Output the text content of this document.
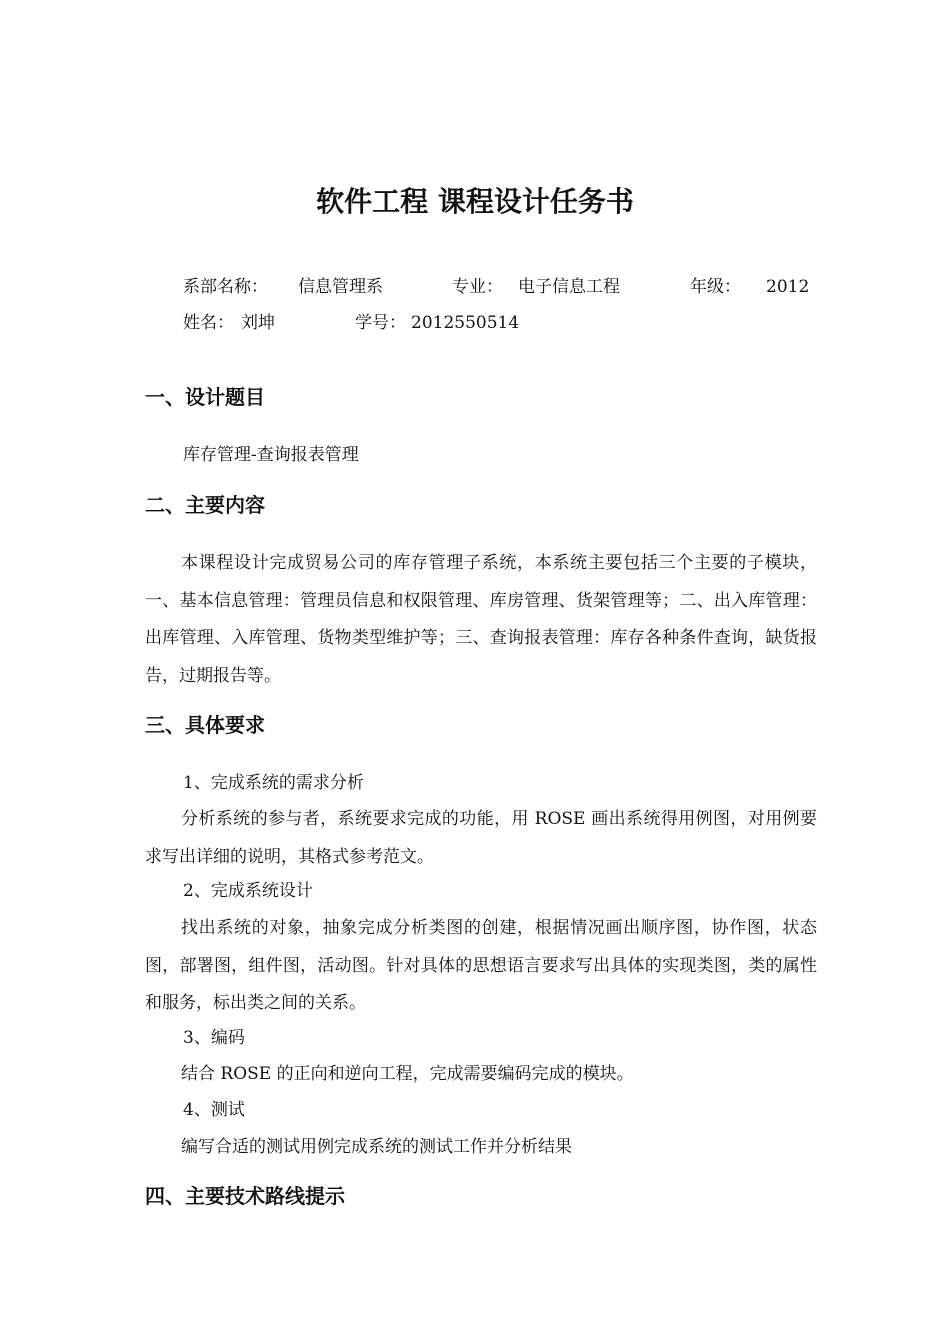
软件工程 课程设计任务书
系部名称： 信息管理系	专业： 电子信息工程	年级： 2012
姓名： 刘坤	学号： 2012550514
一、设计题目
库存管理-查询报表管理
二、主要内容
本课程设计完成贸易公司的库存管理子系统，本系统主要包括三个主要的子模块，一、基本信息管理：管理员信息和权限管理、库房管理、货架管理等；二、出入库管理：出库管理、入库管理、货物类型维护等；三、查询报表管理：库存各种条件查询，缺货报告，过期报告等。
三、具体要求
1、完成系统的需求分析
分析系统的参与者，系统要求完成的功能，用 ROSE 画出系统得用例图，对用例要求写出详细的说明，其格式参考范文。
2、完成系统设计
找出系统的对象，抽象完成分析类图的创建，根据情况画出顺序图，协作图，状态图，部署图，组件图，活动图。针对具体的思想语言要求写出具体的实现类图，类的属性和服务，标出类之间的关系。
3、编码
结合 ROSE 的正向和逆向工程，完成需要编码完成的模块。
4、测试
编写合适的测试用例完成系统的测试工作并分析结果
四、主要技术路线提示
